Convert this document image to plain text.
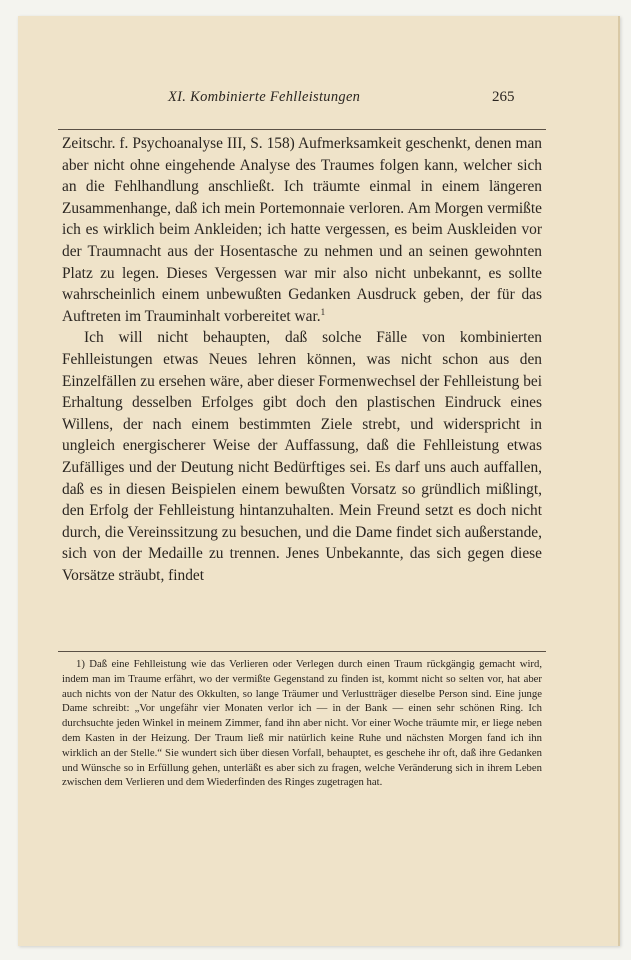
XI. Kombinierte Fehlleistungen	265

Zeitschr. f. Psychoanalyse III, S. 158) Aufmerksamkeit geschenkt, denen man aber nicht ohne eingehende Analyse des Traumes folgen kann, welcher sich an die Fehlhandlung anschließt. Ich träumte einmal in einem längeren Zusammenhange, daß ich mein Portemonnaie verloren. Am Morgen vermißte ich es wirklich beim Ankleiden; ich hatte vergessen, es beim Auskleiden vor der Traumnacht aus der Hosentasche zu nehmen und an seinen gewohnten Platz zu legen. Dieses Vergessen war mir also nicht unbekannt, es sollte wahrscheinlich einem unbewußten Gedanken Ausdruck geben, der für das Auftreten im Trauminhalt vorbereitet war.$^1$

Ich will nicht behaupten, daß solche Fälle von kombinierten Fehlleistungen etwas Neues lehren können, was nicht schon aus den Einzelfällen zu ersehen wäre, aber dieser Formenwechsel der Fehlleistung bei Erhaltung desselben Erfolges gibt doch den plastischen Eindruck eines Willens, der nach einem bestimmten Ziele strebt, und widerspricht in ungleich energischerer Weise der Auffassung, daß die Fehlleistung etwas Zufälliges und der Deutung nicht Bedürftiges sei. Es darf uns auch auffallen, daß es in diesen Beispielen einem bewußten Vorsatz so gründlich mißlingt, den Erfolg der Fehlleistung hintanzuhalten. Mein Freund setzt es doch nicht durch, die Vereinssitzung zu besuchen, und die Dame findet sich außerstande, sich von der Medaille zu trennen. Jenes Unbekannte, das sich gegen diese Vorsätze sträubt, findet

1) Daß eine Fehlleistung wie das Verlieren oder Verlegen durch einen Traum rückgängig gemacht wird, indem man im Traume erfährt, wo der vermißte Gegenstand zu finden ist, kommt nicht so selten vor, hat aber auch nichts von der Natur des Okkulten, so lange Träumer und Verlustträger dieselbe Person sind. Eine junge Dame schreibt: „Vor ungefähr vier Monaten verlor ich — in der Bank — einen sehr schönen Ring. Ich durchsuchte jeden Winkel in meinem Zimmer, fand ihn aber nicht. Vor einer Woche träumte mir, er liege neben dem Kasten in der Heizung. Der Traum ließ mir natürlich keine Ruhe und nächsten Morgen fand ich ihn wirklich an der Stelle.“ Sie wundert sich über diesen Vorfall, behauptet, es geschehe ihr oft, daß ihre Gedanken und Wünsche so in Erfüllung gehen, unterläßt es aber sich zu fragen, welche Veränderung sich in ihrem Leben zwischen dem Verlieren und dem Wiederfinden des Ringes zugetragen hat.
